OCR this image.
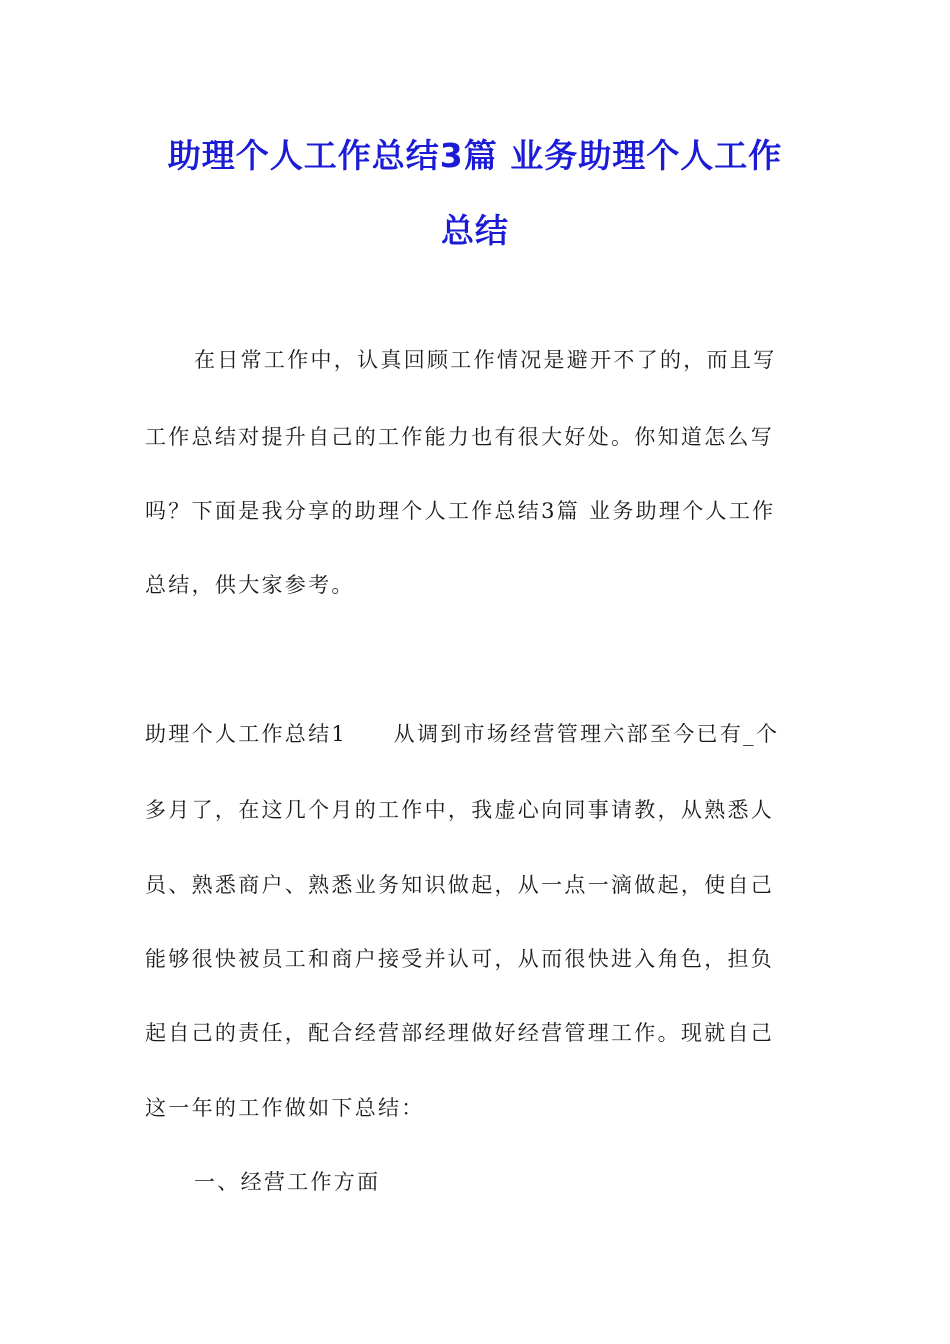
助理个人工作总结3篇 业务助理个人工作
总结
在日常工作中，认真回顾工作情况是避开不了的，而且写
工作总结对提升自己的工作能力也有很大好处。你知道怎么写
吗？下面是我分享的助理个人工作总结3篇 业务助理个人工作
总结，供大家参考。
助理个人工作总结1　　从调到市场经营管理六部至今已有_个
多月了，在这几个月的工作中，我虚心向同事请教，从熟悉人
员、熟悉商户、熟悉业务知识做起，从一点一滴做起，使自己
能够很快被员工和商户接受并认可，从而很快进入角色，担负
起自己的责任，配合经营部经理做好经营管理工作。现就自己
这一年的工作做如下总结：
一、经营工作方面
